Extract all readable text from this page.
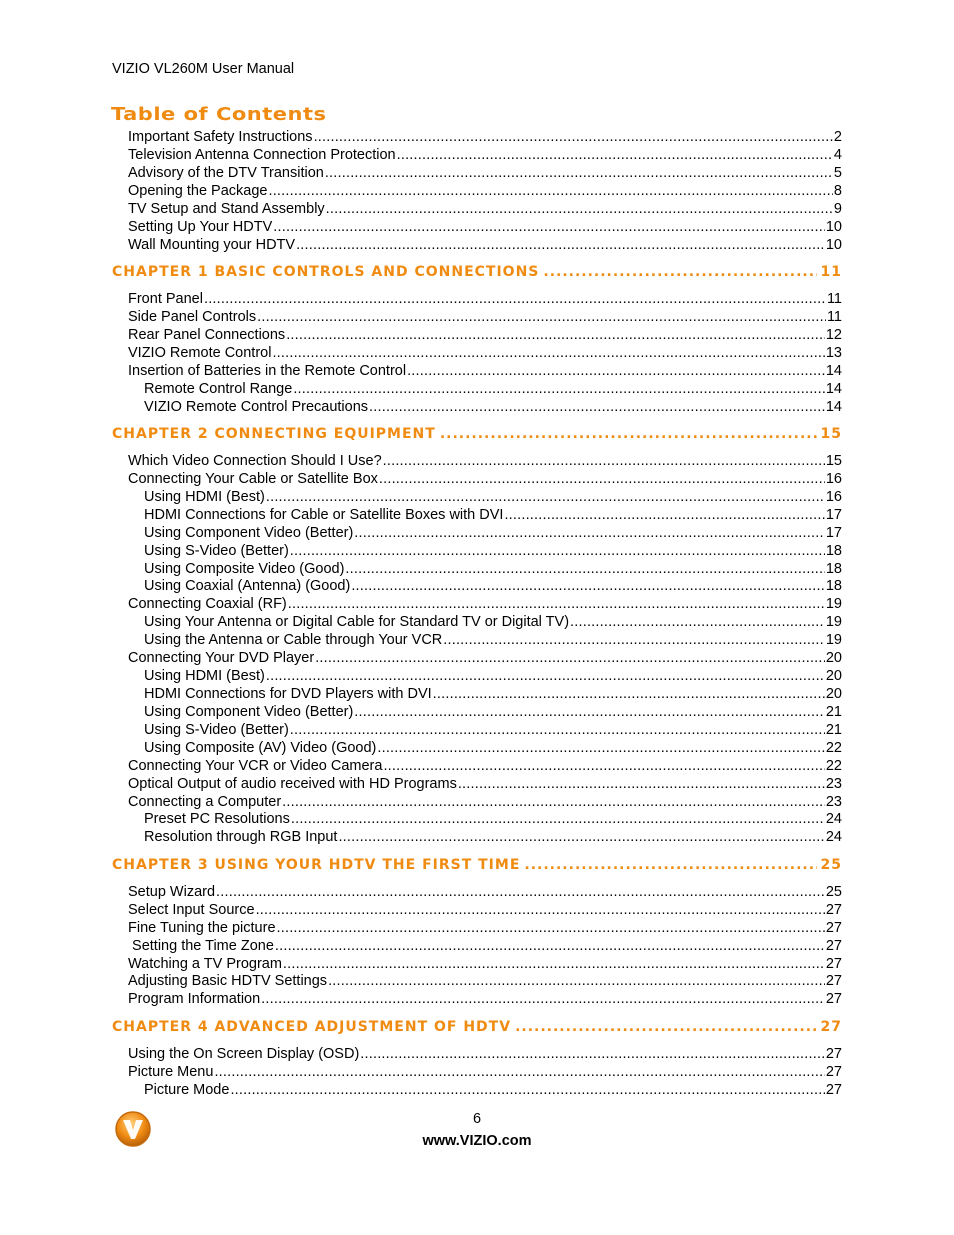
VIZIO VL260M User Manual
Table of Contents
Important Safety Instructions .....	2
Television Antenna Connection Protection .....	4
Advisory of the DTV Transition .....	5
Opening the Package .....	8
TV Setup and Stand Assembly .....	9
Setting Up Your HDTV .....	10
Wall Mounting your HDTV .....	10
CHAPTER 1 BASIC CONTROLS AND CONNECTIONS .....	11
Front Panel .....	11
Side Panel Controls .....	11
Rear Panel Connections .....	12
VIZIO Remote Control .....	13
Insertion of Batteries in the Remote Control .....	14
Remote Control Range .....	14
VIZIO Remote Control Precautions .....	14
CHAPTER 2 CONNECTING EQUIPMENT .....	15
Which Video Connection Should I Use? .....	15
Connecting Your Cable or Satellite Box .....	16
Using HDMI (Best) .....	16
HDMI Connections for Cable or Satellite Boxes with DVI .....	17
Using Component Video (Better) .....	17
Using S-Video (Better) .....	18
Using Composite Video (Good) .....	18
Using Coaxial (Antenna) (Good) .....	18
Connecting Coaxial (RF) .....	19
Using Your Antenna or Digital Cable for Standard TV or Digital TV) .....	19
Using the Antenna or Cable through Your VCR .....	19
Connecting Your DVD Player .....	20
Using HDMI (Best) .....	20
HDMI Connections for DVD Players with DVI .....	20
Using Component Video (Better) .....	21
Using S-Video (Better) .....	21
Using Composite (AV) Video (Good) .....	22
Connecting Your VCR or Video Camera .....	22
Optical Output of audio received with HD Programs .....	23
Connecting a Computer .....	23
Preset PC Resolutions .....	24
Resolution through RGB Input .....	24
CHAPTER 3 USING YOUR HDTV THE FIRST TIME .....	25
Setup Wizard .....	25
Select Input Source .....	27
Fine Tuning the picture .....	27
Setting the Time Zone .....	27
Watching a TV Program .....	27
Adjusting Basic HDTV Settings .....	27
Program Information .....	27
CHAPTER 4 ADVANCED ADJUSTMENT OF HDTV .....	27
Using the On Screen Display (OSD) .....	27
Picture Menu .....	27
Picture Mode .....	27
6
www.VIZIO.com
